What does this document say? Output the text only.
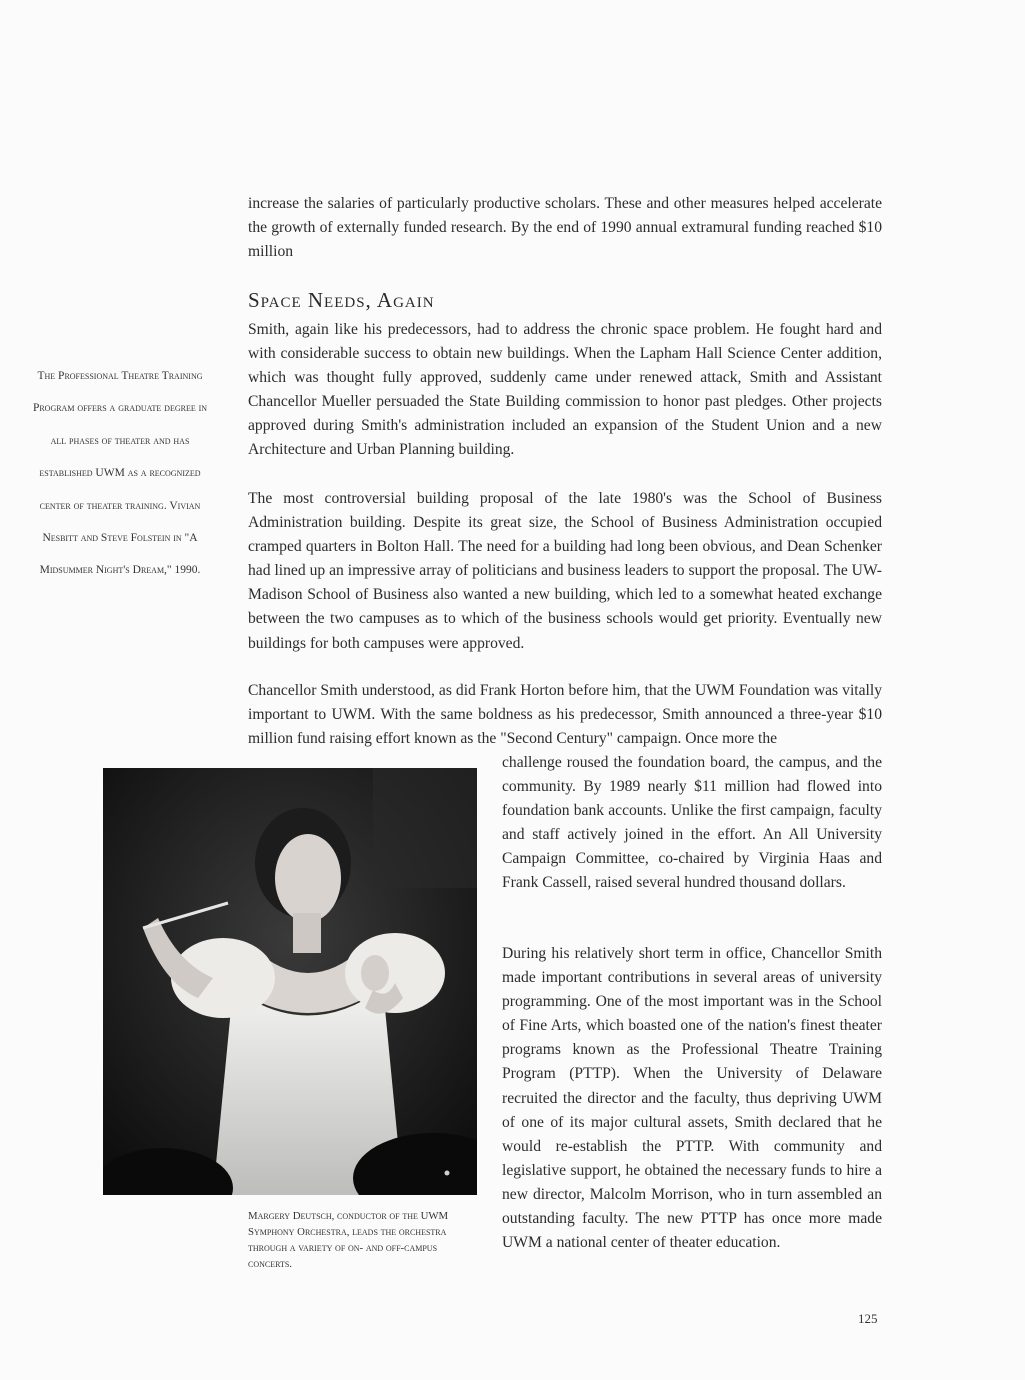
increase the salaries of particularly productive scholars. These and other measures helped accelerate the growth of externally funded research. By the end of 1990 annual extramural funding reached $10 million

Space Needs, Again

Smith, again like his predecessors, had to address the chronic space problem. He fought hard and with considerable success to obtain new buildings. When the Lapham Hall Science Center addition, which was thought fully approved, suddenly came under renewed attack, Smith and Assistant Chancellor Mueller persuaded the State Building commission to honor past pledges. Other projects approved during Smith's administration included an expansion of the Student Union and a new Architecture and Urban Planning building.

The most controversial building proposal of the late 1980's was the School of Business Administration building. Despite its great size, the School of Business Administration occupied cramped quarters in Bolton Hall. The need for a building had long been obvious, and Dean Schenker had lined up an impressive array of politicians and business leaders to support the proposal. The UW-Madison School of Business also wanted a new building, which led to a somewhat heated exchange between the two campuses as to which of the business schools would get priority. Eventually new buildings for both campuses were approved.

Chancellor Smith understood, as did Frank Horton before him, that the UWM Foundation was vitally important to UWM. With the same boldness as his predecessor, Smith announced a three-year $10 million fund raising effort known as the "Second Century" campaign. Once more the

challenge roused the foundation board, the campus, and the community. By 1989 nearly $11 million had flowed into foundation bank accounts. Unlike the first campaign, faculty and staff actively joined in the effort. An All University Campaign Committee, co-chaired by Virginia Haas and Frank Cassell, raised several hundred thousand dollars.

During his relatively short term in office, Chancellor Smith made important contributions in several areas of university programming. One of the most important was in the School of Fine Arts, which boasted one of the nation's finest theater programs known as the Professional Theatre Training Program (PTTP). When the University of Delaware recruited the director and the faculty, thus depriving UWM of one of its major cultural assets, Smith declared that he would re-establish the PTTP. With community and legislative support, he obtained the necessary funds to hire a new director, Malcolm Morrison, who in turn assembled an outstanding faculty. The new PTTP has once more made UWM a national center of theater education.

The Professional Theatre Training Program offers a graduate degree in all phases of theater and has established UWM as a recognized center of theater training. Vivian Nesbitt and Steve Folstein in "A Midsummer Night's Dream," 1990.
Margery Deutsch, conductor of the UWM Symphony Orchestra, leads the orchestra through a variety of on- and off-campus concerts.
125
